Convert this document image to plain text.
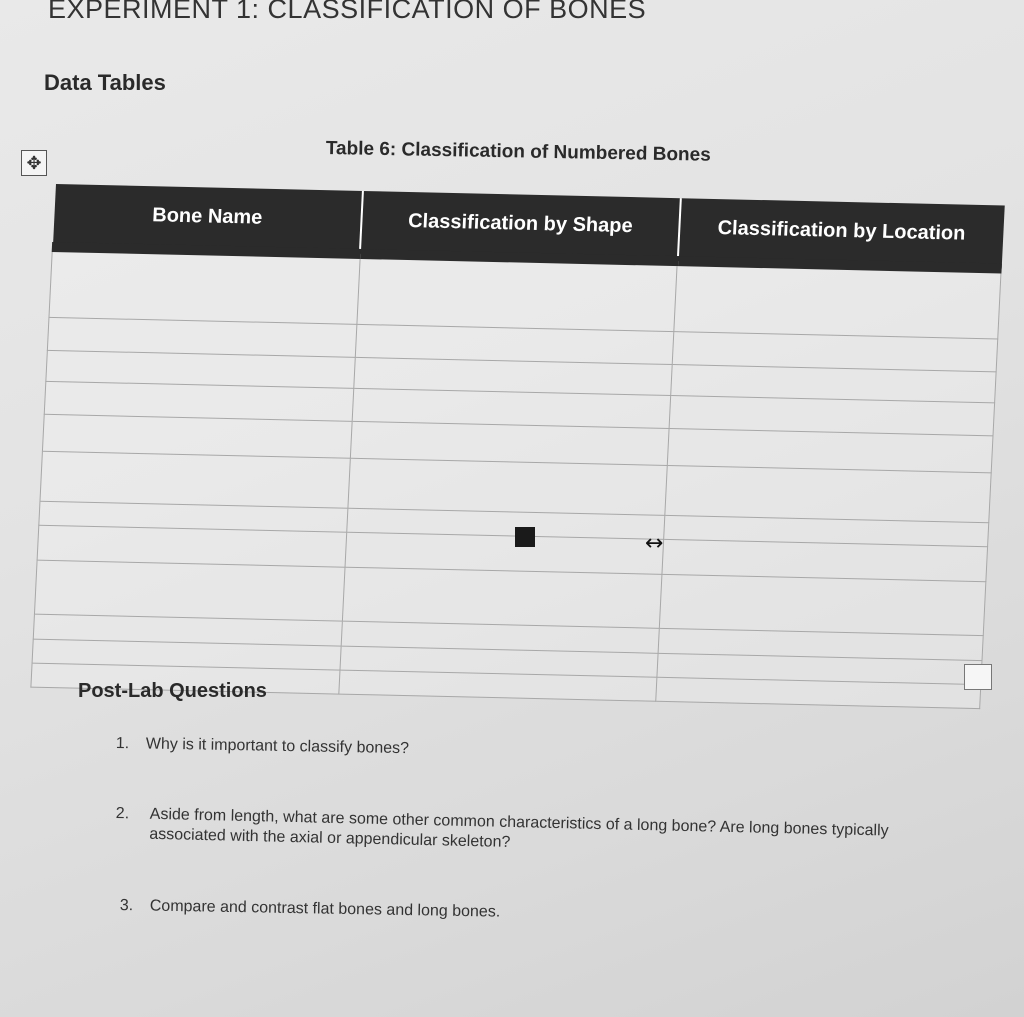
EXPERIMENT 1: CLASSIFICATION OF BONES
Data Tables
✥	Table 6: Classification of Numbered Bones
Bone Name	Classification by Shape	Classification by Location

↔
Post-Lab Questions
1. Why is it important to classify bones?
2. Aside from length, what are some other common characteristics of a long bone? Are long bones typically associated with the axial or appendicular skeleton?
3. Compare and contrast flat bones and long bones.
